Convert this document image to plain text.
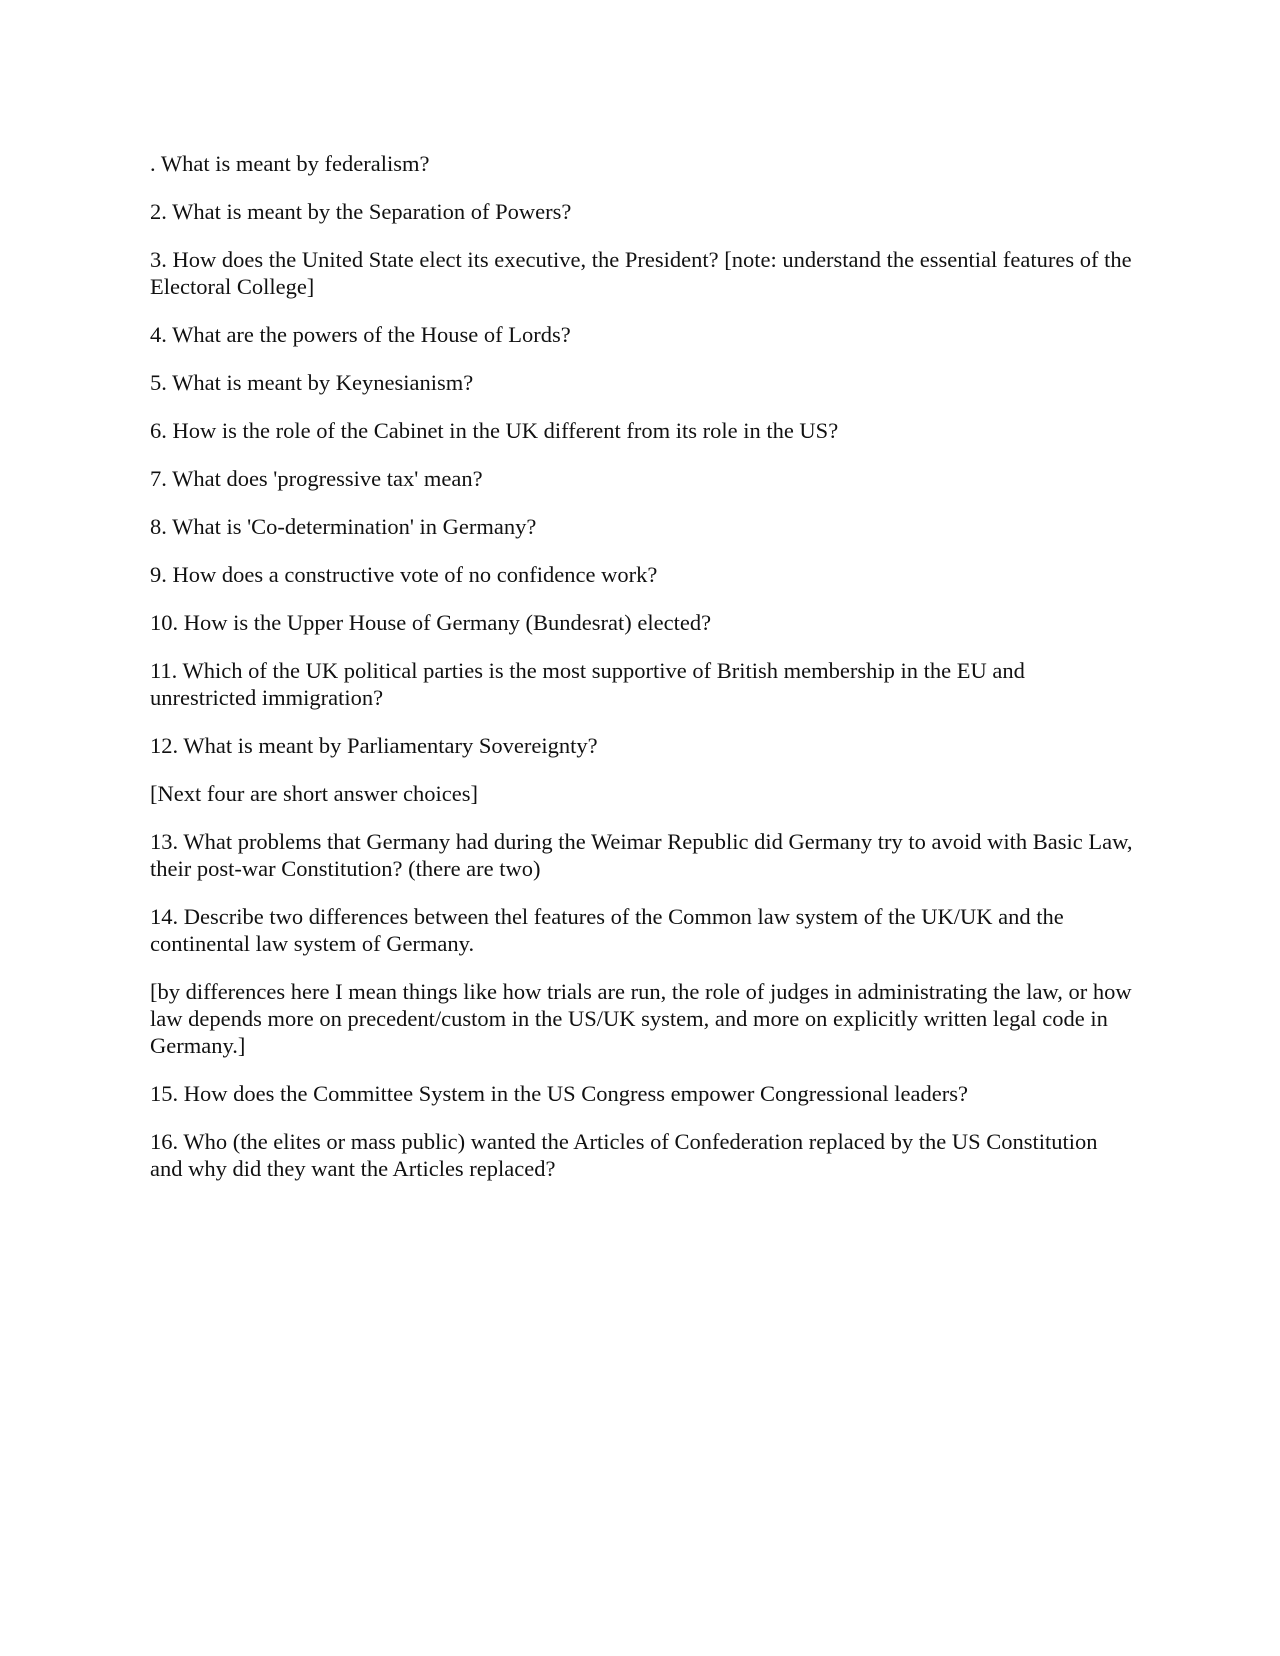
. What is meant by federalism?

2. What is meant by the Separation of Powers?

3. How does the United State elect its executive, the President? [note: understand the essential features of the Electoral College]

4. What are the powers of the House of Lords?

5. What is meant by Keynesianism?

6. How is the role of the Cabinet in the UK different from its role in the US?

7. What does 'progressive tax' mean?

8. What is 'Co-determination' in Germany?

9. How does a constructive vote of no confidence work?

10. How is the Upper House of Germany (Bundesrat) elected?

11. Which of the UK political parties is the most supportive of British membership in the EU and unrestricted immigration?

12. What is meant by Parliamentary Sovereignty?

[Next four are short answer choices]

13. What problems that Germany had during the Weimar Republic did Germany try to avoid with Basic Law, their post-war Constitution? (there are two)

14. Describe two differences between thel features of the Common law system of the UK/UK and the continental law system of Germany.

[by differences here I mean things like how trials are run, the role of judges in administrating the law, or how law depends more on precedent/custom in the US/UK system, and more on explicitly written legal code in Germany.]

15. How does the Committee System in the US Congress empower Congressional leaders?

16. Who (the elites or mass public) wanted the Articles of Confederation replaced by the US Constitution and why did they want the Articles replaced?
